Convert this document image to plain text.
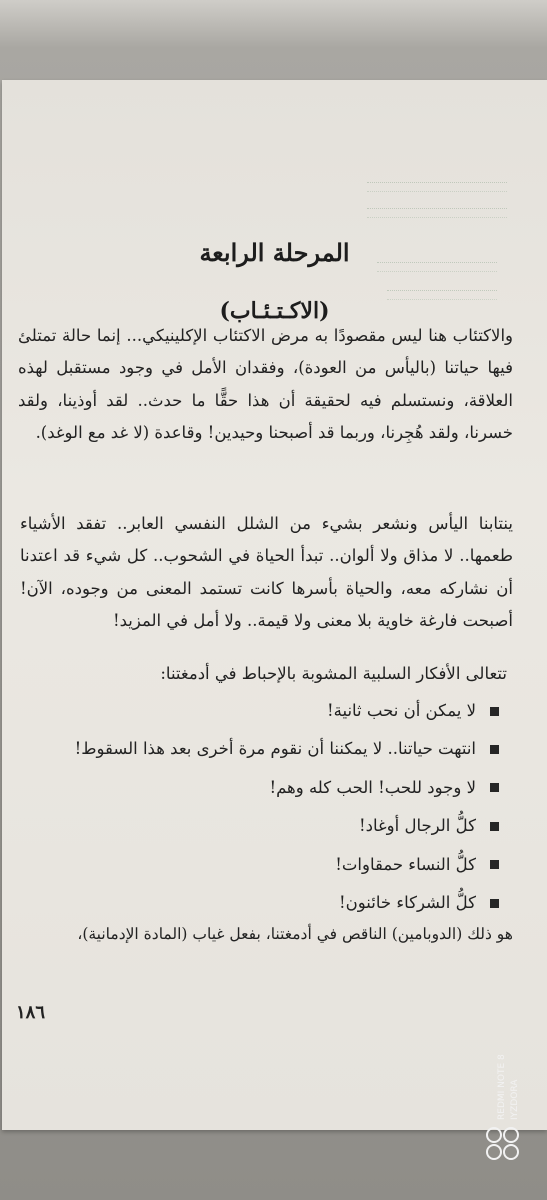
المرحلة الرابعة
(الاكـتـئـاب)
والاكتئاب هنا ليس مقصودًا به مرض الاكتئاب الإكلينيكي... إنما حالة تمتلئ فيها حياتنا (باليأس من العودة)، وفقدان الأمل في وجود مستقبل لهذه العلاقة، ونستسلم فيه لحقيقة أن هذا حقًّا ما حدث.. لقد أوذينا، ولقد خسرنا، ولقد هُجِرنا، وربما قد أصبحنا وحيدين! وقاعدة (لا غد مع الوغد).
ينتابنا اليأس ونشعر بشيء من الشلل النفسي العابر.. تفقد الأشياء طعمها.. لا مذاق ولا ألوان.. تبدأ الحياة في الشحوب.. كل شيء قد اعتدنا أن نشاركه معه، والحياة بأسرها كانت تستمد المعنى من وجوده، الآن! أصبحت فارغة خاوية بلا معنى ولا قيمة.. ولا أمل في المزيد!
تتعالى الأفكار السلبية المشوبة بالإحباط في أدمغتنا:
لا يمكن أن نحب ثانية!
انتهت حياتنا.. لا يمكننا أن نقوم مرة أخرى بعد هذا السقوط!
لا وجود للحب! الحب كله وهم!
كلُّ الرجال أوغاد!
كلُّ النساء حمقاوات!
كلُّ الشركاء خائنون!
هو ذلك (الدوبامين) الناقص في أدمغتنا، بفعل غياب (المادة الإدمانية)،
١٨٦
REDMI NOTE 8 IYZDORA
